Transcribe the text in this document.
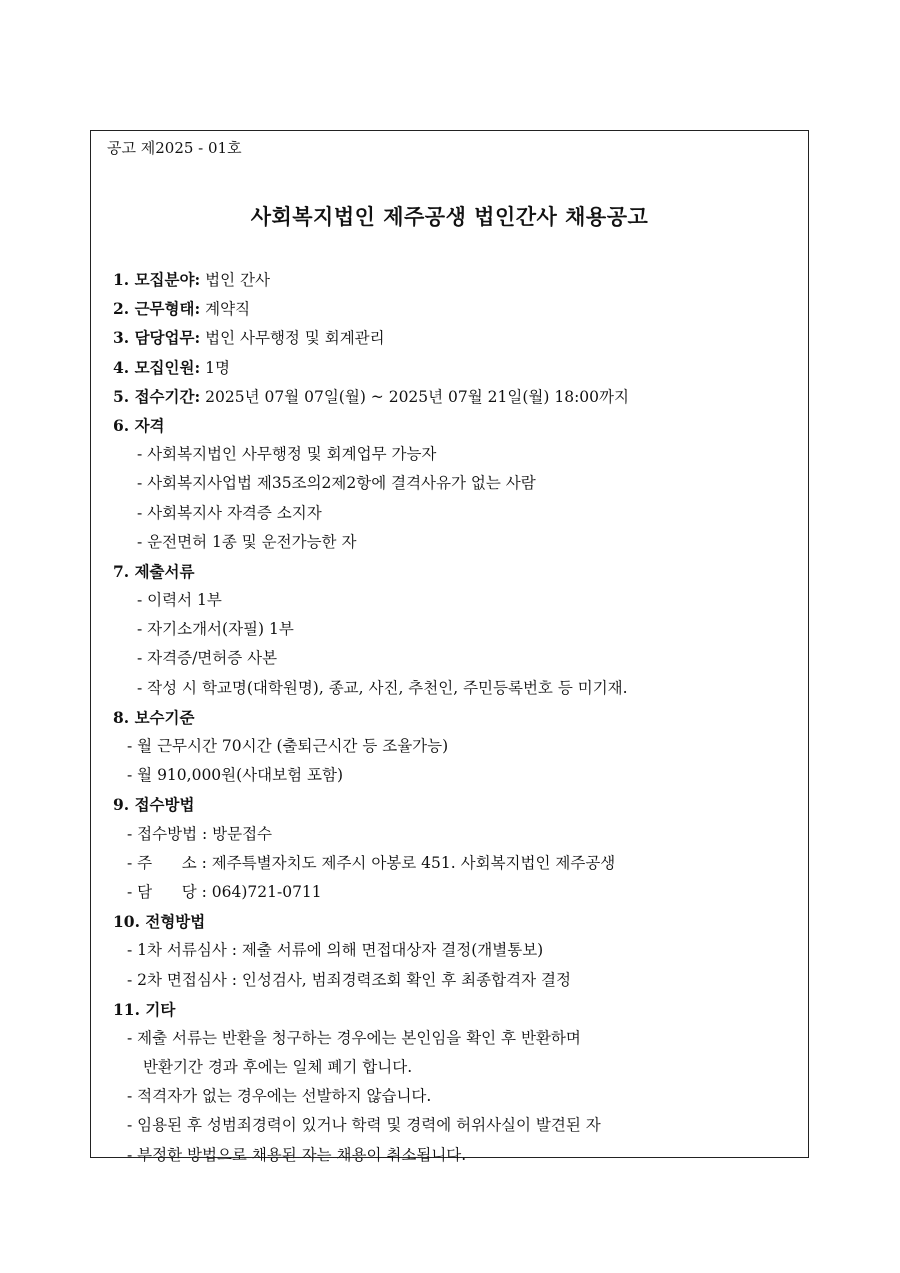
공고 제2025 - 01호
사회복지법인 제주공생 법인간사 채용공고
1. 모집분야: 법인 간사
2. 근무형태: 계약직
3. 담당업무: 법인 사무행정 및 회계관리
4. 모집인원: 1명
5. 접수기간: 2025년 07월 07일(월) ~ 2025년 07월 21일(월) 18:00까지
6. 자격
- 사회복지법인 사무행정 및 회계업무 가능자
- 사회복지사업법 제35조의2제2항에 결격사유가 없는 사람
- 사회복지사 자격증 소지자
- 운전면허 1종 및 운전가능한 자
7. 제출서류
- 이력서 1부
- 자기소개서(자필) 1부
- 자격증/면허증 사본
- 작성 시 학교명(대학원명), 종교, 사진, 추천인, 주민등록번호 등 미기재.
8. 보수기준
- 월 근무시간 70시간 (출퇴근시간 등 조율가능)
- 월 910,000원(사대보험 포함)
9. 접수방법
- 접수방법 : 방문접수
- 주      소 : 제주특별자치도 제주시 아봉로 451. 사회복지법인 제주공생
- 담      당 : 064)721-0711
10. 전형방법
- 1차 서류심사 : 제출 서류에 의해 면접대상자 결정(개별통보)
- 2차 면접심사 : 인성검사, 범죄경력조회 확인 후 최종합격자 결정
11. 기타
- 제출 서류는 반환을 청구하는 경우에는 본인임을 확인 후 반환하며
반환기간 경과 후에는 일체 폐기 합니다.
- 적격자가 없는 경우에는 선발하지 않습니다.
- 임용된 후 성범죄경력이 있거나 학력 및 경력에 허위사실이 발견된 자
- 부정한 방법으로 채용된 자는 채용이 취소됩니다.
